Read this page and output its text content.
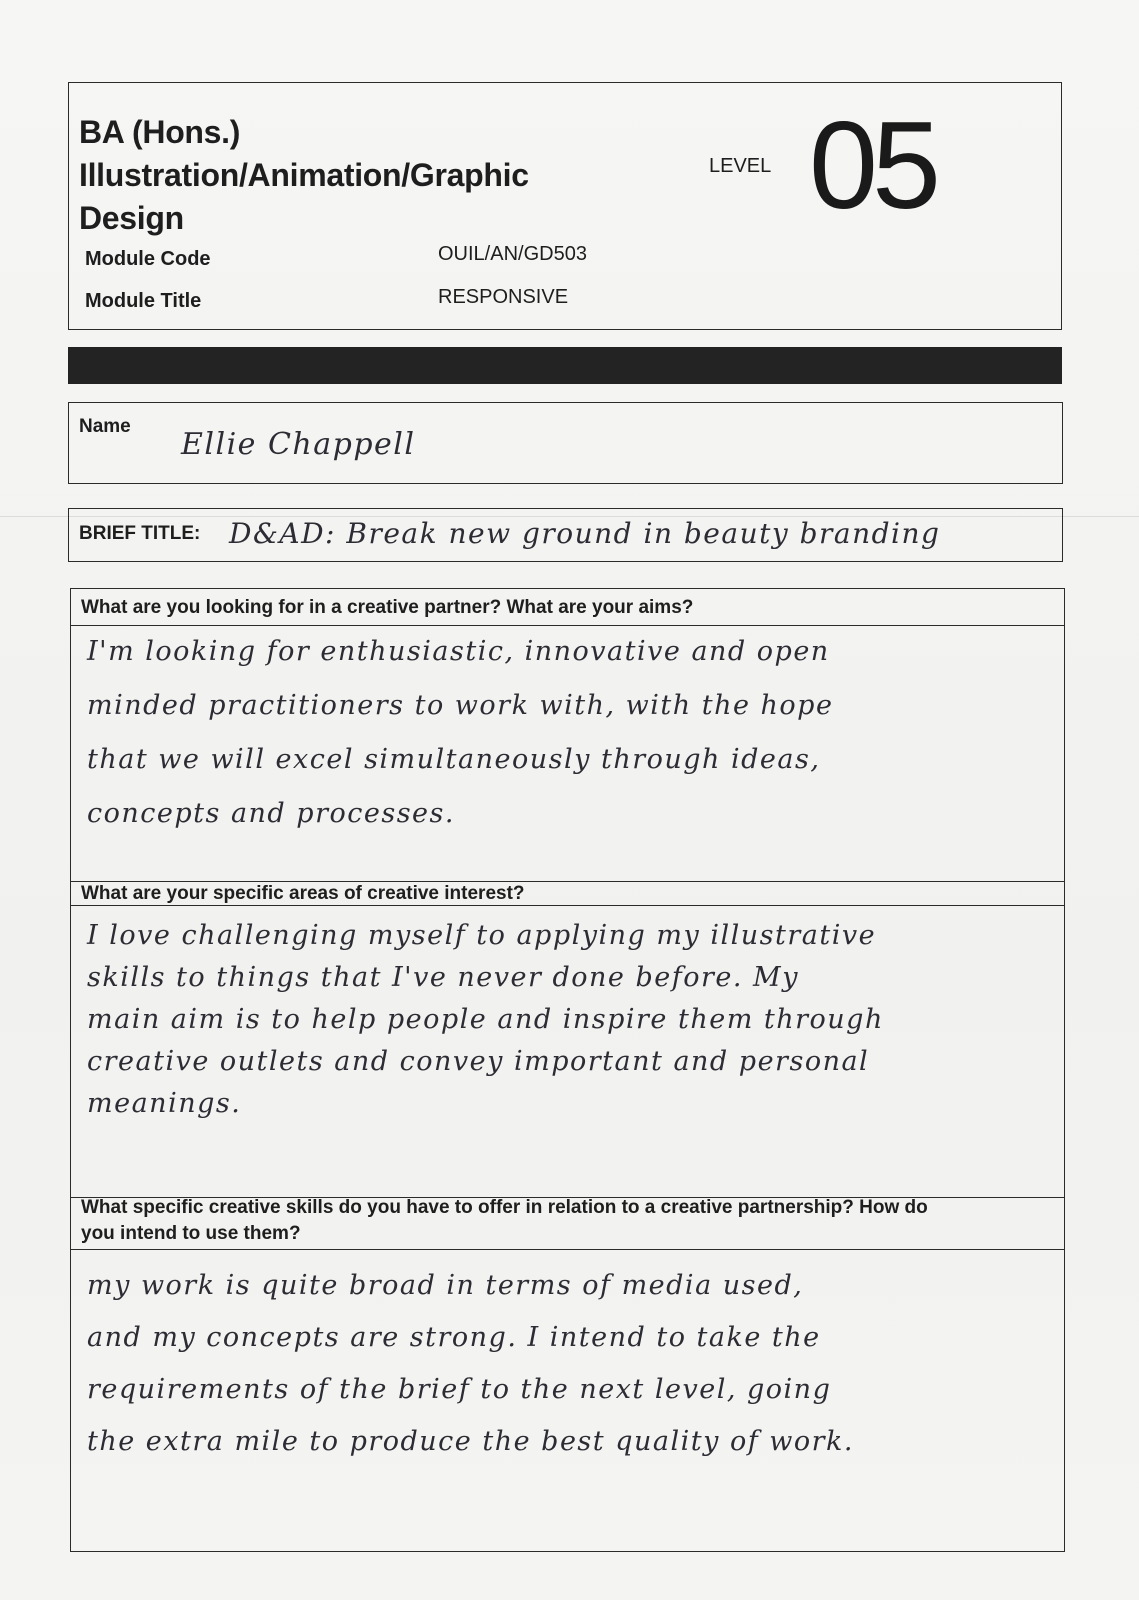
BA (Hons.)
Illustration/Animation/Graphic
Design
LEVEL 05
Module Code	OUIL/AN/GD503
Module Title	RESPONSIVE
Name
Ellie Chappell
BRIEF TITLE: D&AD: Break new ground in beauty branding
What are you looking for in a creative partner? What are your aims?
I'm looking for enthusiastic, innovative and open
minded practitioners to work with, with the hope
that we will excel simultaneously through ideas,
concepts and processes.
What are your specific areas of creative interest?
I love challenging myself to applying my illustrative
skills to things that I've never done before. My
main aim is to help people and inspire them through
creative outlets and convey important and personal
meanings.
What specific creative skills do you have to offer in relation to a creative partnership? How do
you intend to use them?
my work is quite broad in terms of media used,
and my concepts are strong. I intend to take the
requirements of the brief to the next level, going
the extra mile to produce the best quality of work.
